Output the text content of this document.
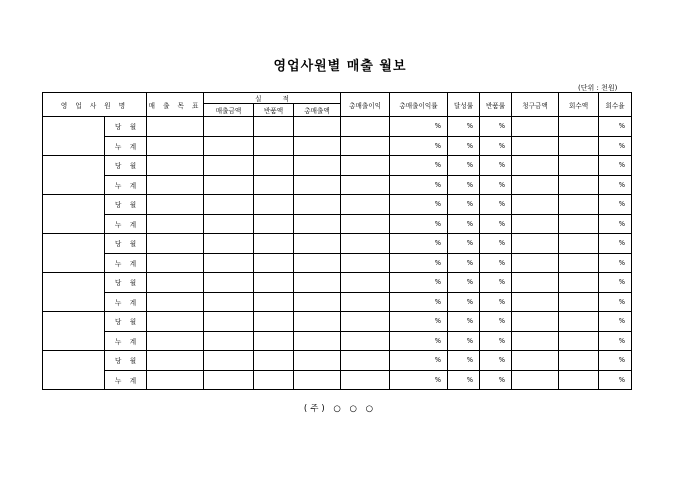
영업사원별 매출 월보
(단위 : 천원)
영 업 사 원 명		매 출 목 표	실          적			총매출이익	총매출이익률	달성률	반품률	청구금액	회수액	회수율
			매출금액	반품액	총매출액							
	당    월						%	%	%			%
	누    계						%	%	%			%
	당    월						%	%	%			%
	누    계						%	%	%			%
	당    월						%	%	%			%
	누    계						%	%	%			%
	당    월						%	%	%			%
	누    계						%	%	%			%
	당    월						%	%	%			%
	누    계						%	%	%			%
	당    월						%	%	%			%
	누    계						%	%	%			%
	당    월						%	%	%			%
	누    계						%	%	%			%
(주) ○ ○ ○
